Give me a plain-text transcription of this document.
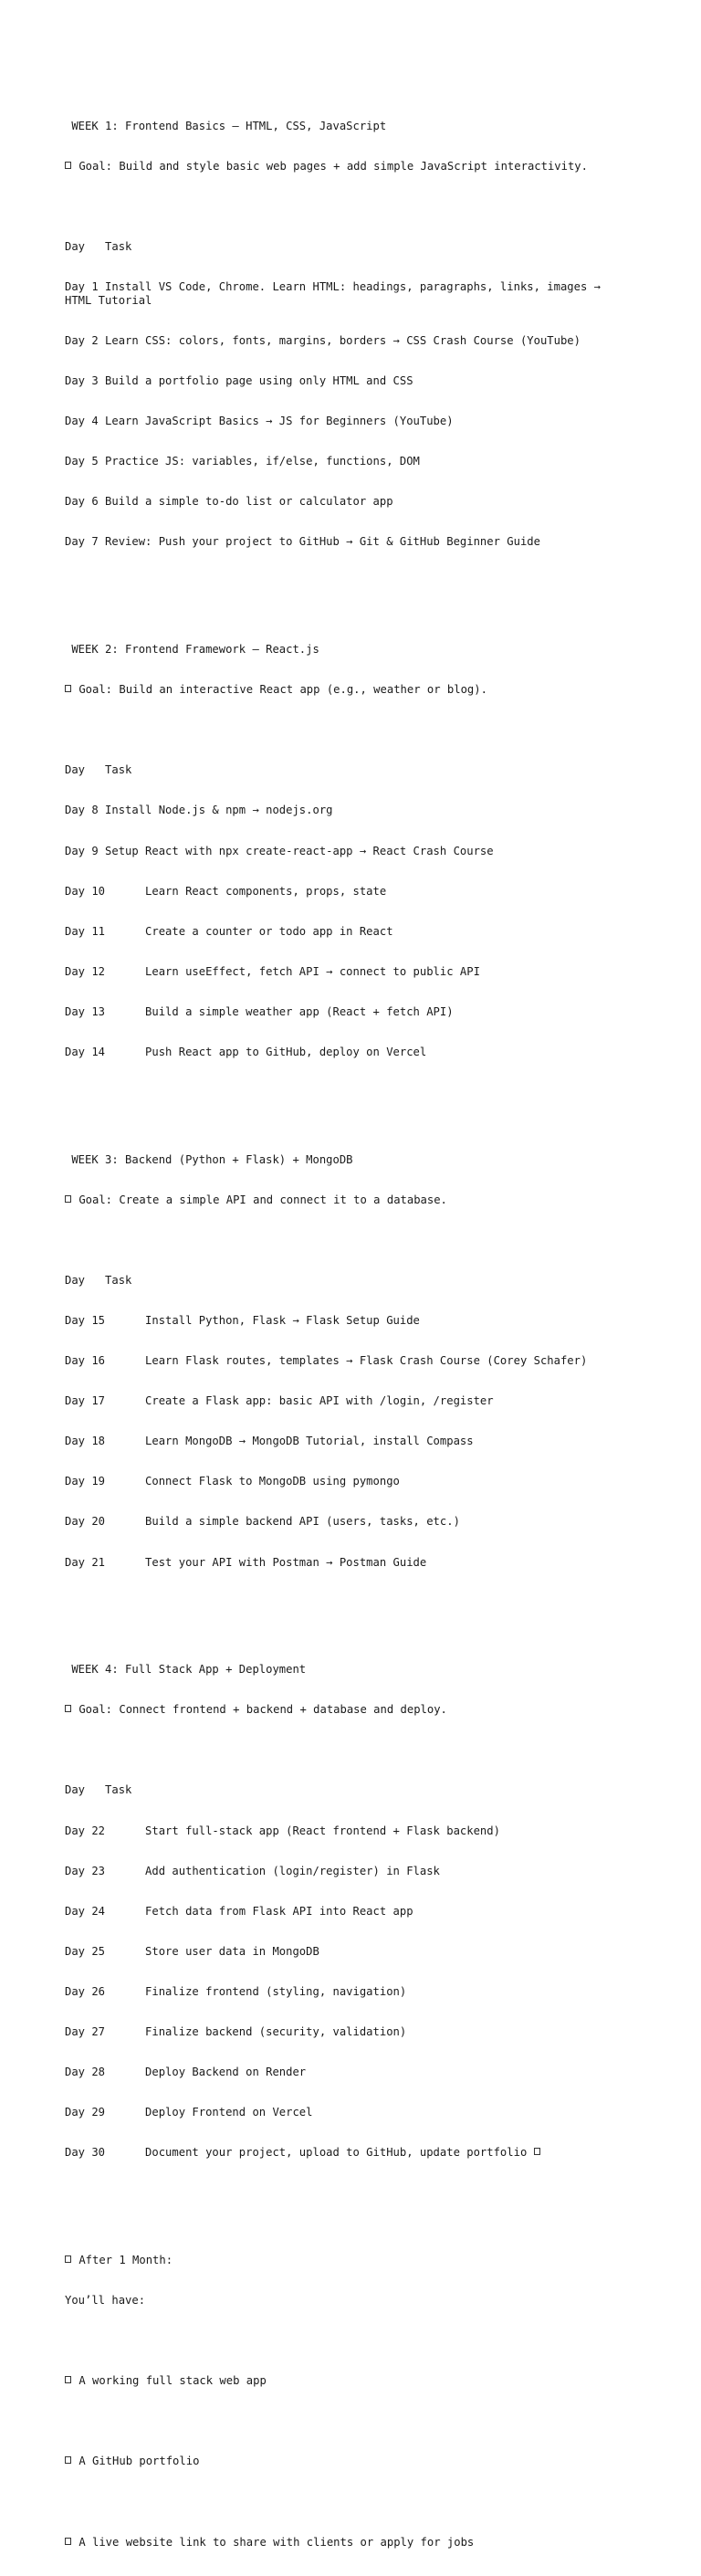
WEEK 1: Frontend Basics – HTML, CSS, JavaScript

Goal: Build and style basic web pages + add simple JavaScript interactivity.

Day   Task

Day 1 Install VS Code, Chrome. Learn HTML: headings, paragraphs, links, images → HTML Tutorial

Day 2 Learn CSS: colors, fonts, margins, borders → CSS Crash Course (YouTube)

Day 3 Build a portfolio page using only HTML and CSS

Day 4 Learn JavaScript Basics → JS for Beginners (YouTube)

Day 5 Practice JS: variables, if/else, functions, DOM

Day 6 Build a simple to-do list or calculator app

Day 7 Review: Push your project to GitHub → Git & GitHub Beginner Guide

WEEK 2: Frontend Framework – React.js

Goal: Build an interactive React app (e.g., weather or blog).

Day   Task

Day 8 Install Node.js & npm → nodejs.org

Day 9 Setup React with npx create-react-app → React Crash Course

Day 10      Learn React components, props, state

Day 11      Create a counter or todo app in React

Day 12      Learn useEffect, fetch API → connect to public API

Day 13      Build a simple weather app (React + fetch API)

Day 14      Push React app to GitHub, deploy on Vercel

WEEK 3: Backend (Python + Flask) + MongoDB

Goal: Create a simple API and connect it to a database.

Day   Task

Day 15      Install Python, Flask → Flask Setup Guide

Day 16      Learn Flask routes, templates → Flask Crash Course (Corey Schafer)

Day 17      Create a Flask app: basic API with /login, /register

Day 18      Learn MongoDB → MongoDB Tutorial, install Compass

Day 19      Connect Flask to MongoDB using pymongo

Day 20      Build a simple backend API (users, tasks, etc.)

Day 21      Test your API with Postman → Postman Guide

WEEK 4: Full Stack App + Deployment

Goal: Connect frontend + backend + database and deploy.

Day   Task

Day 22      Start full-stack app (React frontend + Flask backend)

Day 23      Add authentication (login/register) in Flask

Day 24      Fetch data from Flask API into React app

Day 25      Store user data in MongoDB

Day 26      Finalize frontend (styling, navigation)

Day 27      Finalize backend (security, validation)

Day 28      Deploy Backend on Render

Day 29      Deploy Frontend on Vercel

Day 30      Document your project, upload to GitHub, update portfolio

After 1 Month:

You’ll have:

A working full stack web app

A GitHub portfolio

A live website link to share with clients or apply for jobs
